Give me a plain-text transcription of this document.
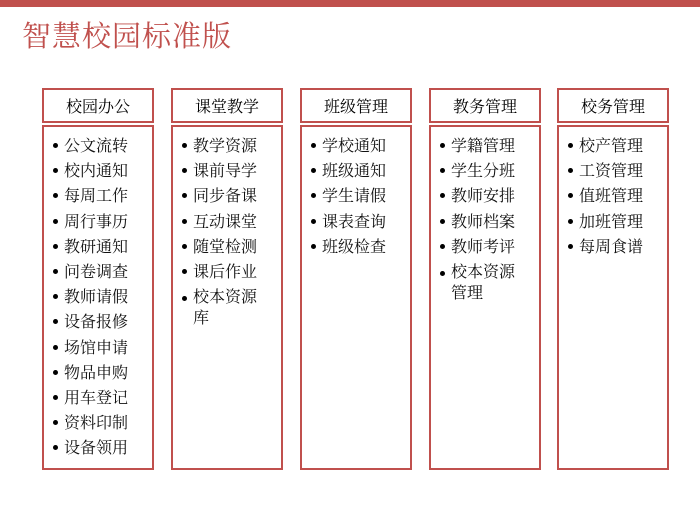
智慧校园标准版
校园办公
公文流转
校内通知
每周工作
周行事历
教研通知
问卷调查
教师请假
设备报修
场馆申请
物品申购
用车登记
资料印制
设备领用
课堂教学
教学资源
课前导学
同步备课
互动课堂
随堂检测
课后作业
校本资源库
班级管理
学校通知
班级通知
学生请假
课表查询
班级检查
教务管理
学籍管理
学生分班
教师安排
教师档案
教师考评
校本资源管理
校务管理
校产管理
工资管理
值班管理
加班管理
每周食谱
